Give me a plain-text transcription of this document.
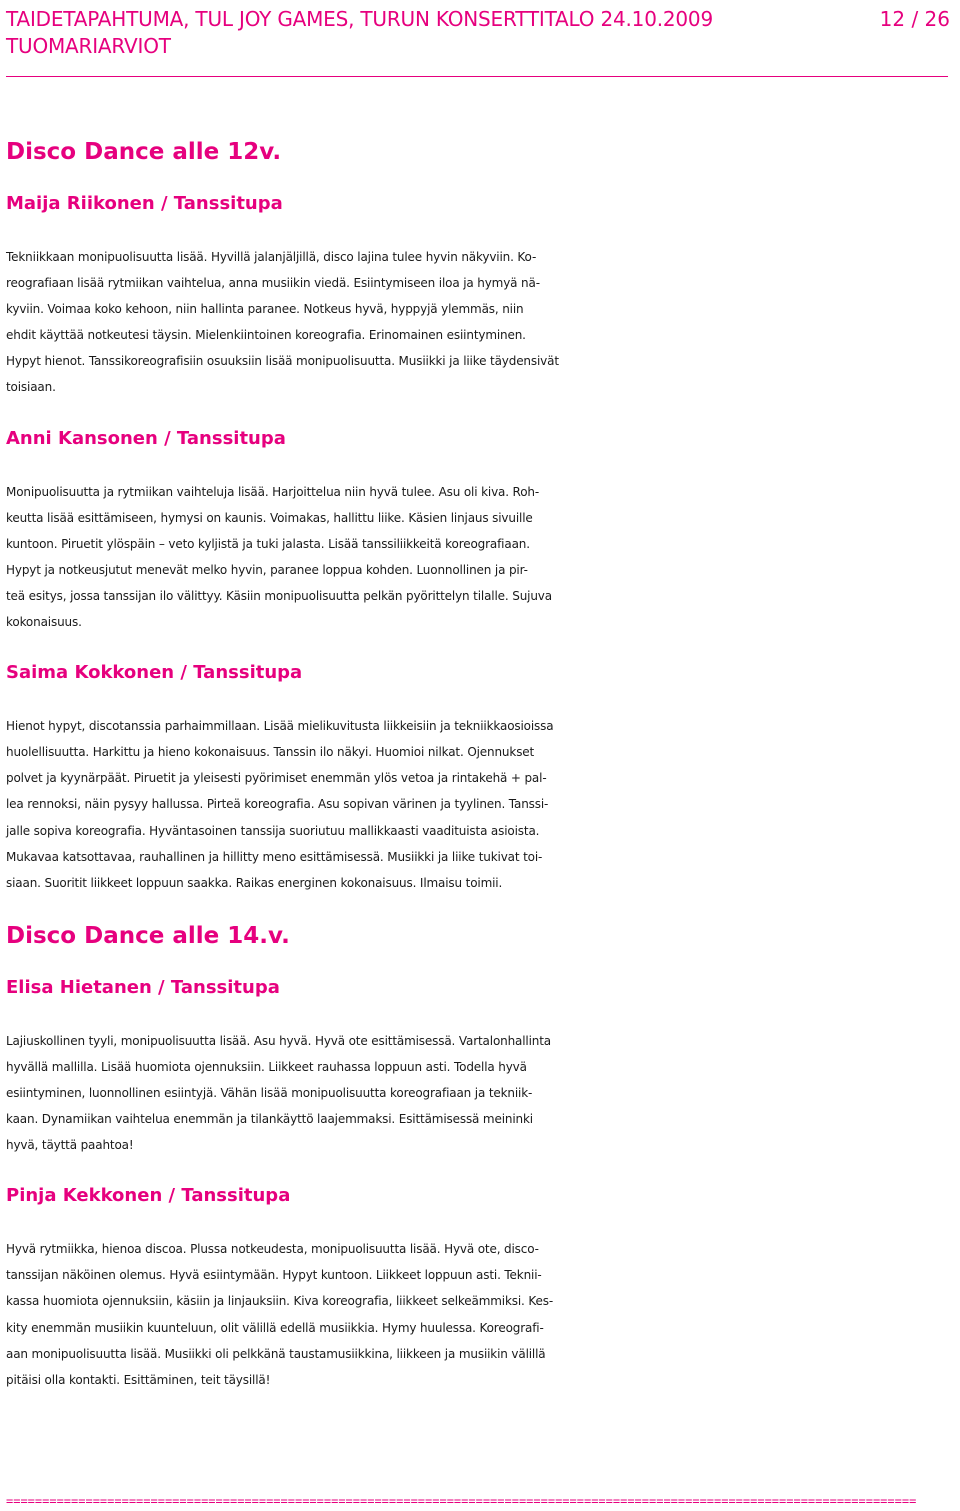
TAIDETAPAHTUMA, TUL JOY GAMES, TURUN KONSERTTITALO 24.10.2009
TUOMARIARVIOT
12 / 26
Disco Dance alle 12v.
Maija Riikonen / Tanssitupa
Tekniikkaan monipuolisuutta lisää. Hyvillä jalanjäljillä, disco lajina tulee hyvin näkyviin. Ko-
reografiaan lisää rytmiikan vaihtelua, anna musiikin viedä. Esiintymiseen iloa ja hymyä nä-
kyviin. Voimaa koko kehoon, niin hallinta paranee. Notkeus hyvä, hyppyjä ylemmäs, niin
ehdit käyttää notkeutesi täysin. Mielenkiintoinen koreografia. Erinomainen esiintyminen.
Hypyt hienot. Tanssikoreografisiin osuuksiin lisää monipuolisuutta. Musiikki ja liike täydensivät
toisiaan.
Anni Kansonen / Tanssitupa
Monipuolisuutta ja rytmiikan vaihteluja lisää. Harjoittelua niin hyvä tulee. Asu oli kiva. Roh-
keutta lisää esittämiseen, hymysi on kaunis. Voimakas, hallittu liike. Käsien linjaus sivuille
kuntoon. Piruetit ylöspäin – veto kyljistä ja tuki jalasta. Lisää tanssiliikkeitä koreografiaan.
Hypyt ja notkeusjutut menevät melko hyvin, paranee loppua kohden. Luonnollinen ja pir-
teä esitys, jossa tanssijan ilo välittyy. Käsiin monipuolisuutta pelkän pyörittelyn tilalle. Sujuva
kokonaisuus.
Saima Kokkonen / Tanssitupa
Hienot hypyt, discotanssia parhaimmillaan. Lisää mielikuvitusta liikkeisiin ja tekniikkaosioissa
huolellisuutta. Harkittu ja hieno kokonaisuus. Tanssin ilo näkyi. Huomioi nilkat. Ojennukset
polvet ja kyynärpäät. Piruetit ja yleisesti pyörimiset enemmän ylös vetoa ja rintakehä + pal-
lea rennoksi, näin pysyy hallussa. Pirteä koreografia. Asu sopivan värinen ja tyylinen. Tanssi-
jalle sopiva koreografia. Hyväntasoinen tanssija suoriutuu mallikkaasti vaadituista asioista.
Mukavaa katsottavaa, rauhallinen ja hillitty meno esittämisessä. Musiikki ja liike tukivat toi-
siaan. Suoritit liikkeet loppuun saakka. Raikas energinen kokonaisuus. Ilmaisu toimii.
Disco Dance alle 14.v.
Elisa Hietanen / Tanssitupa
Lajiuskollinen tyyli, monipuolisuutta lisää. Asu hyvä. Hyvä ote esittämisessä. Vartalonhallinta
hyvällä mallilla. Lisää huomiota ojennuksiin. Liikkeet rauhassa loppuun asti. Todella hyvä
esiintyminen, luonnollinen esiintyjä. Vähän lisää monipuolisuutta koreografiaan ja tekniik-
kaan. Dynamiikan vaihtelua enemmän ja tilankäyttö laajemmaksi. Esittämisessä meininki
hyvä, täyttä paahtoa!
Pinja Kekkonen / Tanssitupa
Hyvä rytmiikka, hienoa discoa. Plussa notkeudesta, monipuolisuutta lisää. Hyvä ote, disco-
tanssijan näköinen olemus. Hyvä esiintymään. Hypyt kuntoon. Liikkeet loppuun asti. Teknii-
kassa huomiota ojennuksiin, käsiin ja linjauksiin. Kiva koreografia, liikkeet selkeämmiksi. Kes-
kity enemmän musiikin kuunteluun, olit välillä edellä musiikkia. Hymy huulessa. Koreografi-
aan monipuolisuutta lisää. Musiikki oli pelkkänä taustamusiikkina, liikkeen ja musiikin välillä
pitäisi olla kontakti. Esittäminen, teit täysillä!
==============================================================================================================================
